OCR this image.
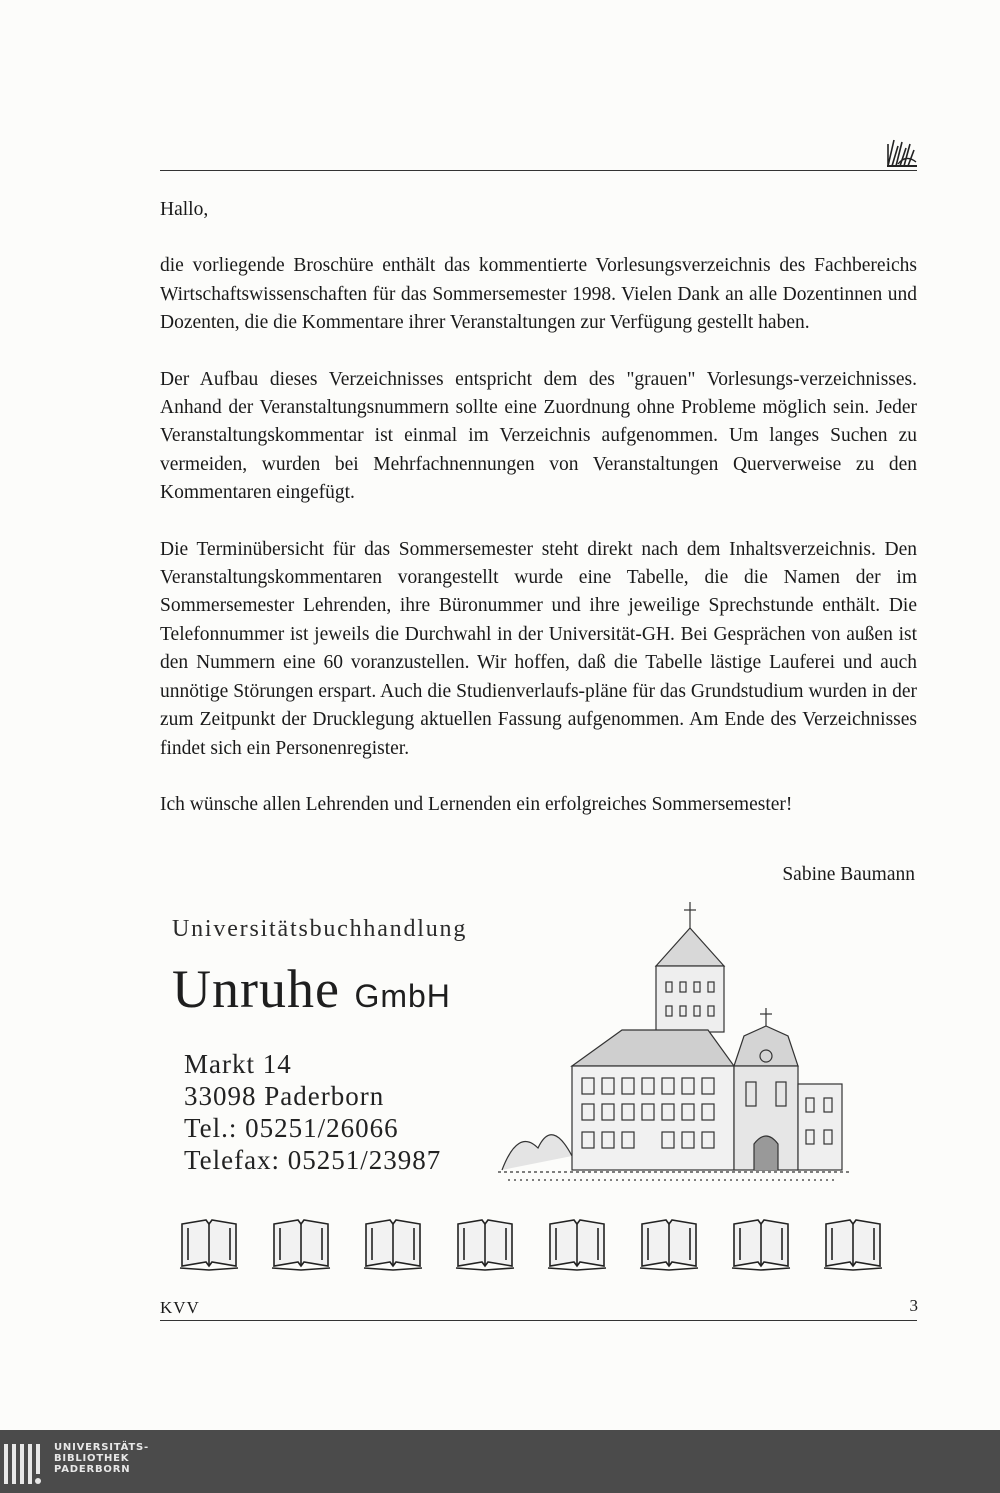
Hallo,

die vorliegende Broschüre enthält das kommentierte Vorlesungsverzeichnis des Fachbereichs Wirtschaftswissenschaften für das Sommersemester 1998. Vielen Dank an alle Dozentinnen und Dozenten, die die Kommentare ihrer Veranstaltungen zur Verfügung gestellt haben.

Der Aufbau dieses Verzeichnisses entspricht dem des "grauen" Vorlesungs-verzeichnisses. Anhand der Veranstaltungsnummern sollte eine Zuordnung ohne Probleme möglich sein. Jeder Veranstaltungskommentar ist einmal im Verzeichnis aufgenommen. Um langes Suchen zu vermeiden, wurden bei Mehrfachnennungen von Veranstaltungen Querverweise zu den Kommentaren eingefügt.

Die Terminübersicht für das Sommersemester steht direkt nach dem Inhaltsverzeichnis. Den Veranstaltungskommentaren vorangestellt wurde eine Tabelle, die die Namen der im Sommersemester Lehrenden, ihre Büronummer und ihre jeweilige Sprechstunde enthält. Die Telefonnummer ist jeweils die Durchwahl in der Universität-GH. Bei Gesprächen von außen ist den Nummern eine 60 voranzustellen. Wir hoffen, daß die Tabelle lästige Lauferei und auch unnötige Störungen erspart. Auch die Studienverlaufs-pläne für das Grundstudium wurden in der zum Zeitpunkt der Drucklegung aktuellen Fassung aufgenommen. Am Ende des Verzeichnisses findet sich ein Personenregister.

Ich wünsche allen Lehrenden und Lernenden ein erfolgreiches Sommersemester!

Sabine Baumann
Universitätsbuchhandlung
Unruhe GmbH
Markt 14
33098 Paderborn
Tel.: 05251/26066
Telefax: 05251/23987
KVV	3
UNIVERSITÄTS-
BIBLIOTHEK
PADERBORN
